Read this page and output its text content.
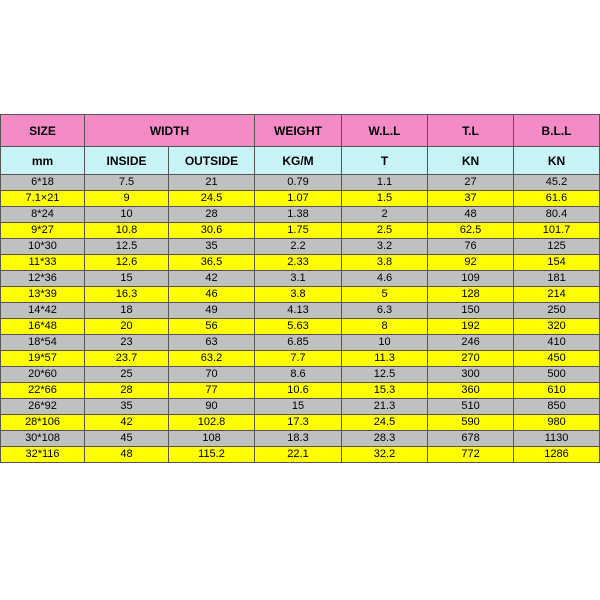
SIZE	WIDTH		WEIGHT	W.L.L	T.L	B.L.L
mm	INSIDE	OUTSIDE	KG/M	T	KN	KN
6*18	7.5	21	0.79	1.1	27	45.2
7.1×21	9	24.5	1.07	1.5	37	61.6
8*24	10	28	1.38	2	48	80.4
9*27	10.8	30.6	1.75	2.5	62.5	101.7
10*30	12.5	35	2.2	3.2	76	125
11*33	12.6	36.5	2.33	3.8	92	154
12*36	15	42	3.1	4.6	109	181
13*39	16.3	46	3.8	5	128	214
14*42	18	49	4.13	6.3	150	250
16*48	20	56	5.63	8	192	320
18*54	23	63	6.85	10	246	410
19*57	23.7	63.2	7.7	11.3	270	450
20*60	25	70	8.6	12.5	300	500
22*66	28	77	10.6	15.3	360	610
26*92	35	90	15	21.3	510	850
28*106	42	102.8	17.3	24.5	590	980
30*108	45	108	18.3	28.3	678	1130
32*116	48	115.2	22.1	32.2	772	1286
